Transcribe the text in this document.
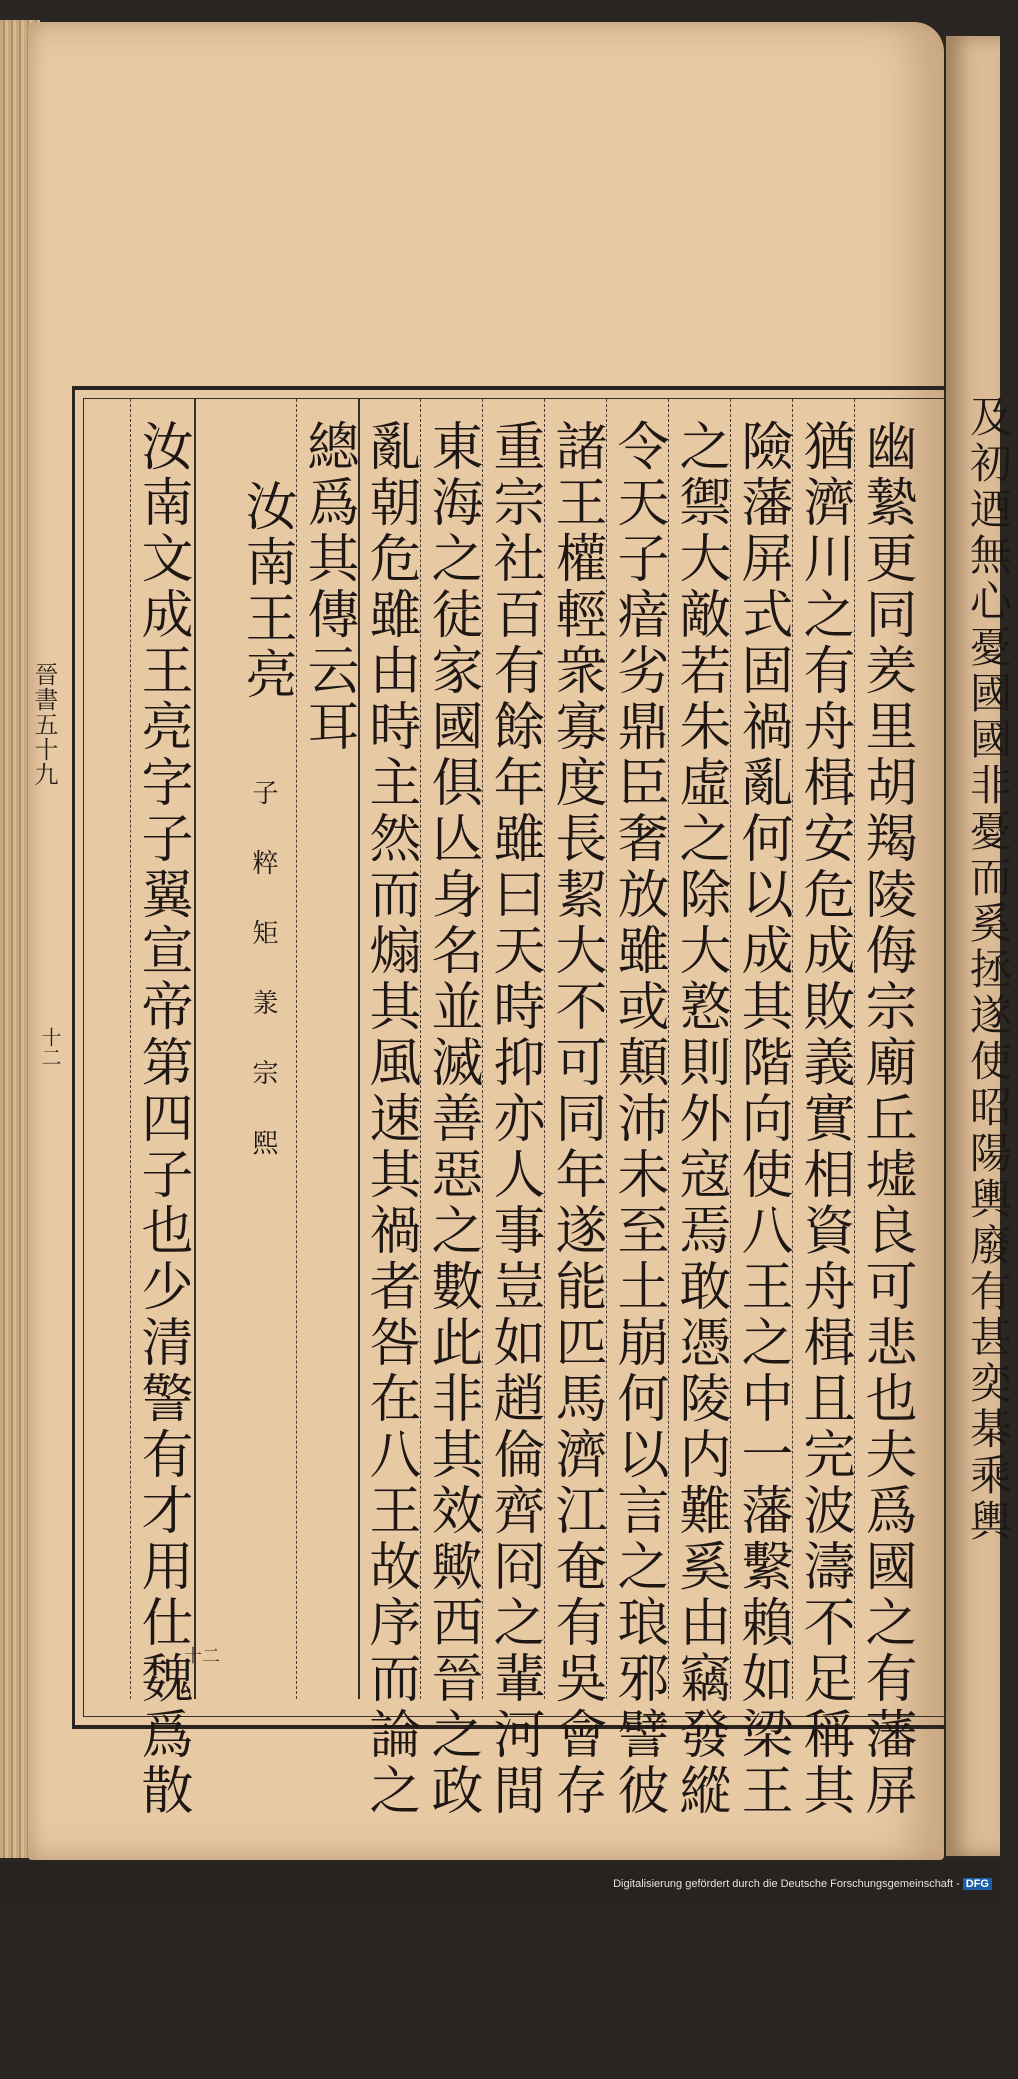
晉書五十九
十二	幽縶更同羑里胡羯陵侮宗廟丘墟良可悲也夫爲國之有藩屏
猶濟川之有舟楫安危成敗義實相資舟楫且完波濤不足稱其
險藩屏式固禍亂何以成其階向使八王之中一藩繫賴如梁王
之禦大敵若朱虛之除大憝則外寇焉敢憑陵内難奚由竊發縱
令天子瘖劣鼎臣奢放雖或顛沛未至土崩何以言之琅邪譬彼
諸王權輕衆寡度長絜大不可同年遂能匹馬濟江奄有吳會存
重宗社百有餘年雖曰天時抑亦人事豈如趙倫齊冏之輩河間
東海之徒家國俱亾身名並滅善惡之數此非其效歟西晉之政
亂朝危雖由時主然而煽其風速其禍者咎在八王故序而論之
總爲其傳云耳
汝南王亮
子粹矩羕宗熙
汝南文成王亮字子翼宣帝第四子也少清警有才用仕魏爲散
十二
及初迺無心憂國國非憂而奚拯遂使昭陽輿廢有甚奕棊乘輿
Digitalisierung gefördert durch die Deutsche Forschungsgemeinschaft - DFG
